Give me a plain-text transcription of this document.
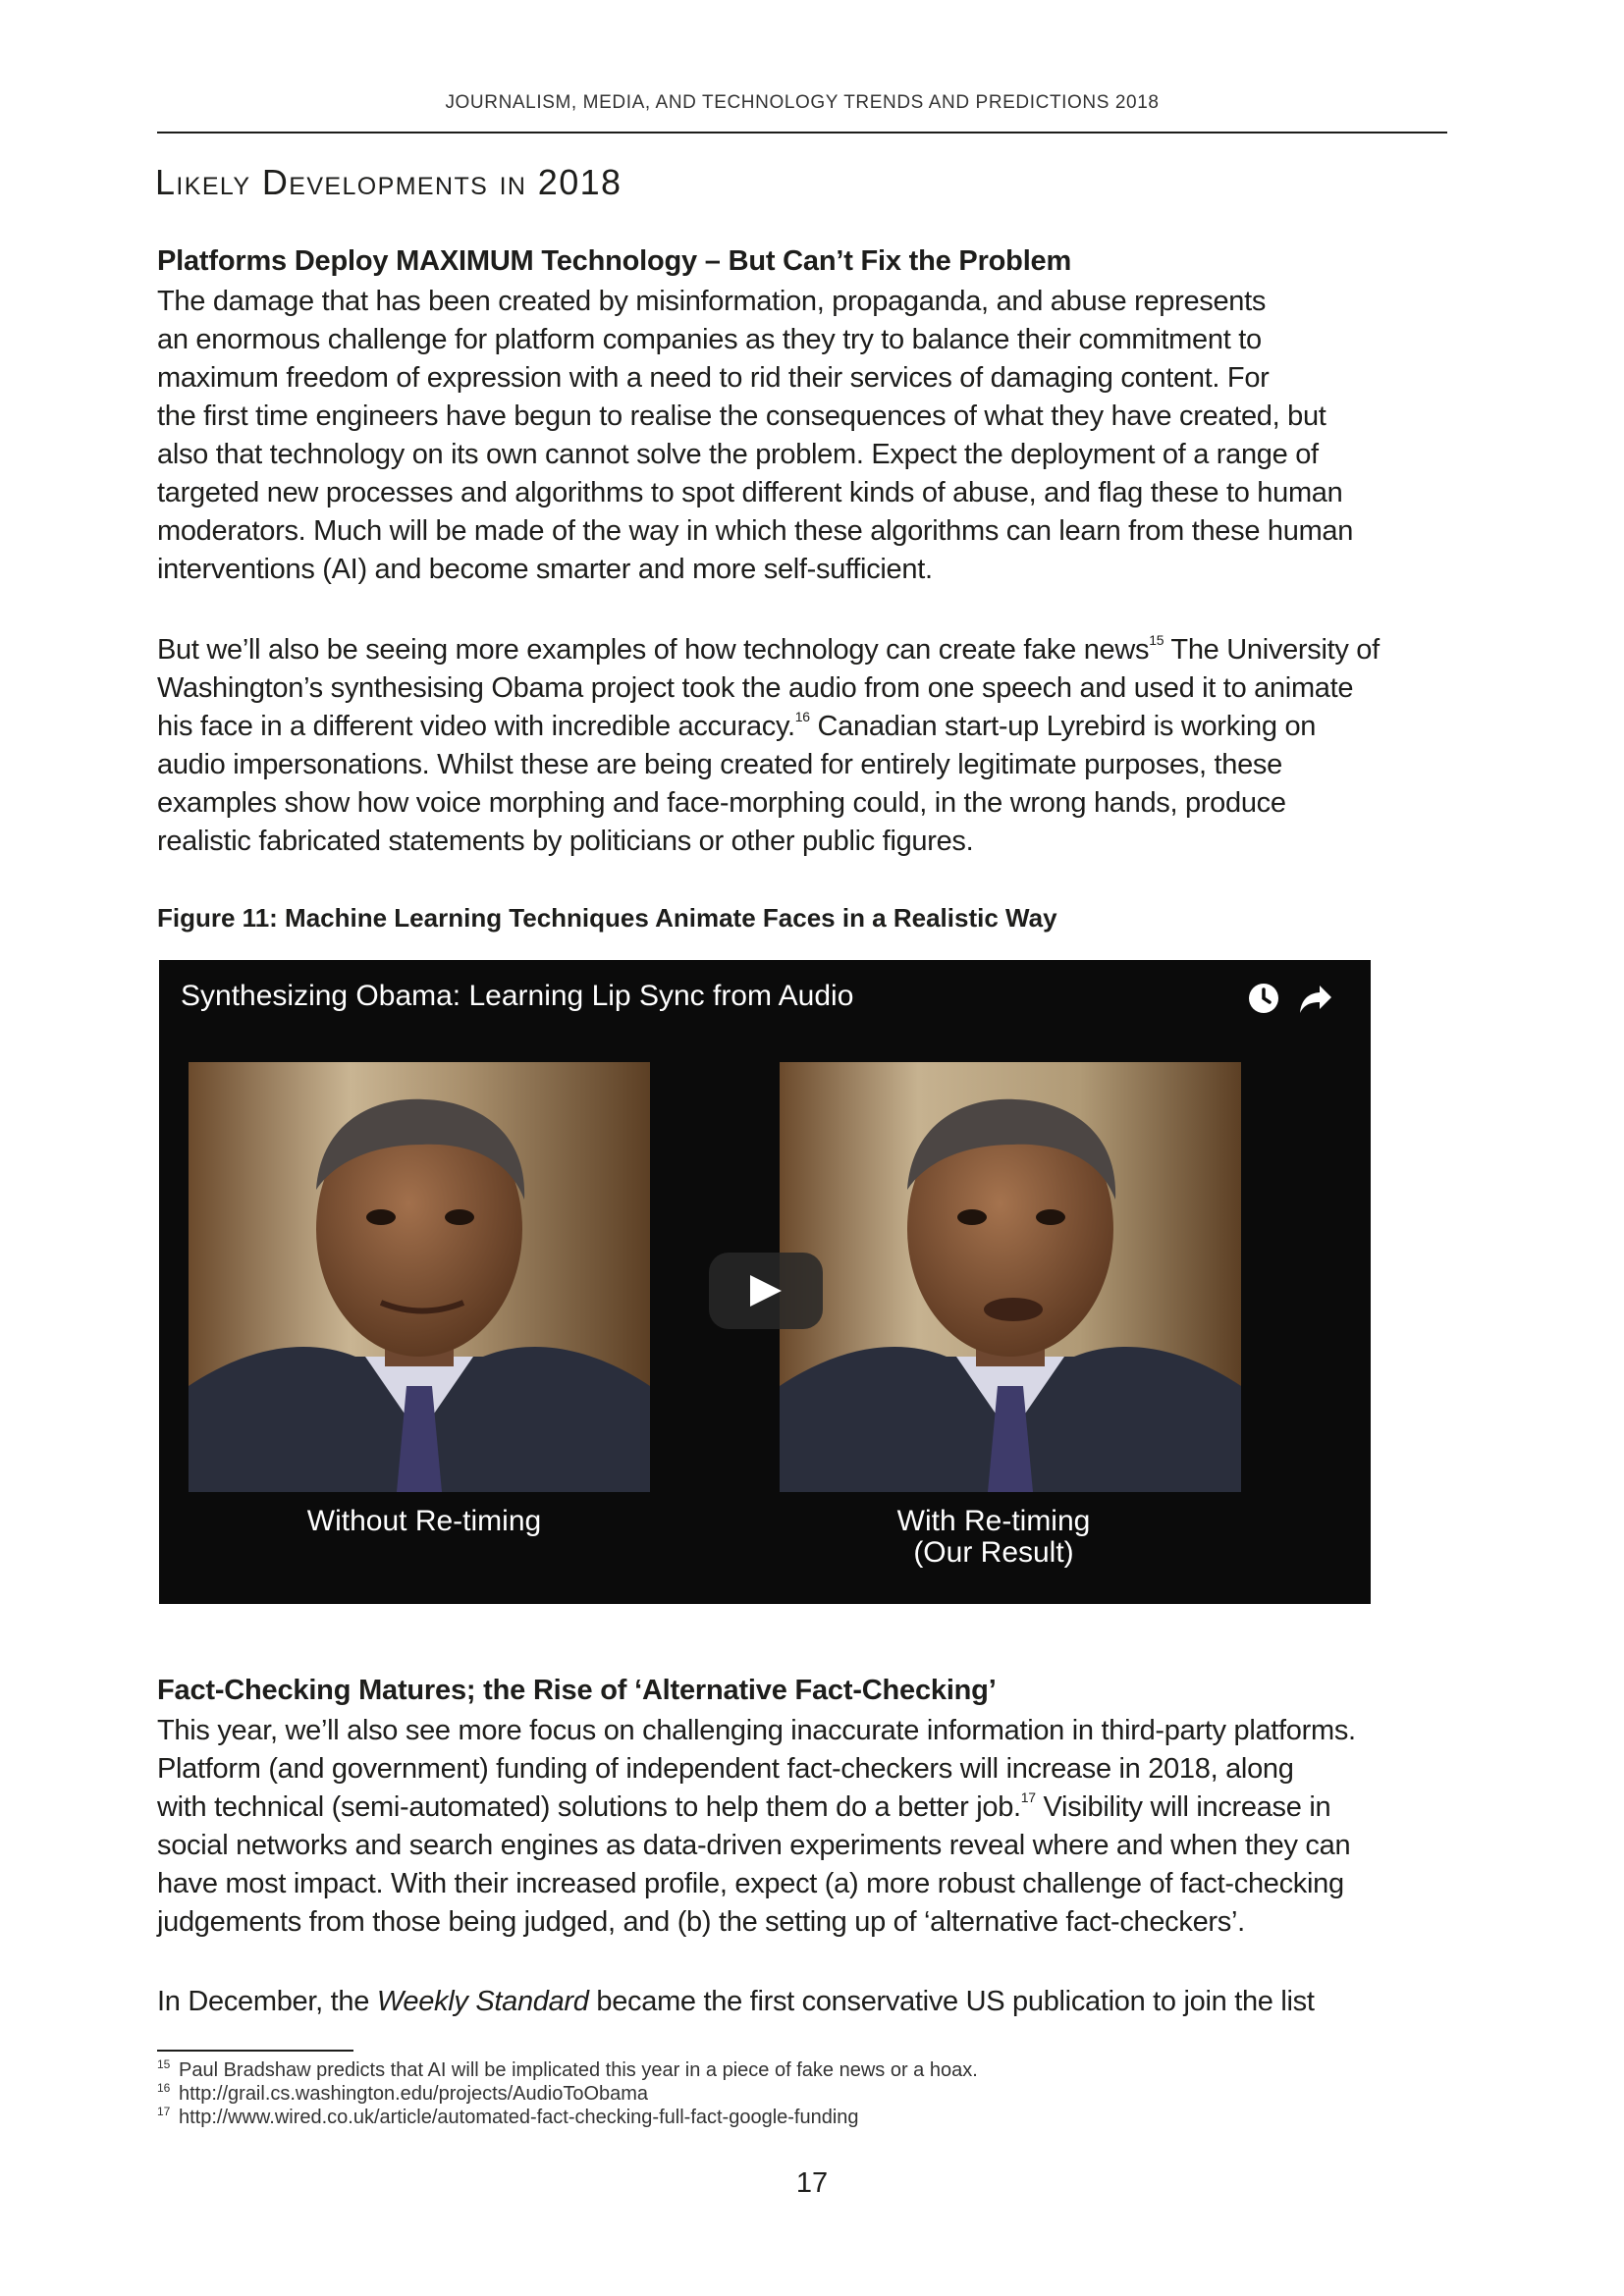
JOURNALISM, MEDIA, AND TECHNOLOGY TRENDS AND PREDICTIONS 2018
Likely Developments in 2018
Platforms Deploy MAXIMUM Technology – But Can’t Fix the Problem
The damage that has been created by misinformation, propaganda, and abuse represents
an enormous challenge for platform companies as they try to balance their commitment to
maximum freedom of expression with a need to rid their services of damaging content. For
the first time engineers have begun to realise the consequences of what they have created, but
also that technology on its own cannot solve the problem. Expect the deployment of a range of
targeted new processes and algorithms to spot different kinds of abuse, and flag these to human
moderators. Much will be made of the way in which these algorithms can learn from these human
interventions (AI) and become smarter and more self-sufficient.
But we’ll also be seeing more examples of how technology can create fake news$^{15}$ The University of
Washington’s synthesising Obama project took the audio from one speech and used it to animate
his face in a different video with incredible accuracy.$^{16}$ Canadian start-up Lyrebird is working on
audio impersonations. Whilst these are being created for entirely legitimate purposes, these
examples show how voice morphing and face-morphing could, in the wrong hands, produce
realistic fabricated statements by politicians or other public figures.

Figure 11: Machine Learning Techniques Animate Faces in a Realistic Way

Synthesizing Obama: Learning Lip Sync from Audio
Without Re-timing	With Re-timing
(Our Result)
Fact-Checking Matures; the Rise of ‘Alternative Fact-Checking’
This year, we’ll also see more focus on challenging inaccurate information in third-party platforms.
Platform (and government) funding of independent fact-checkers will increase in 2018, along
with technical (semi-automated) solutions to help them do a better job.$^{17}$ Visibility will increase in
social networks and search engines as data-driven experiments reveal where and when they can
have most impact. With their increased profile, expect (a) more robust challenge of fact-checking
judgements from those being judged, and (b) the setting up of ‘alternative fact-checkers’.
In December, the Weekly Standard became the first conservative US publication to join the list

15 Paul Bradshaw predicts that AI will be implicated this year in a piece of fake news or a hoax.

16 http://grail.cs.washington.edu/projects/AudioToObama

17 http://www.wired.co.uk/article/automated-fact-checking-full-fact-google-funding

17
